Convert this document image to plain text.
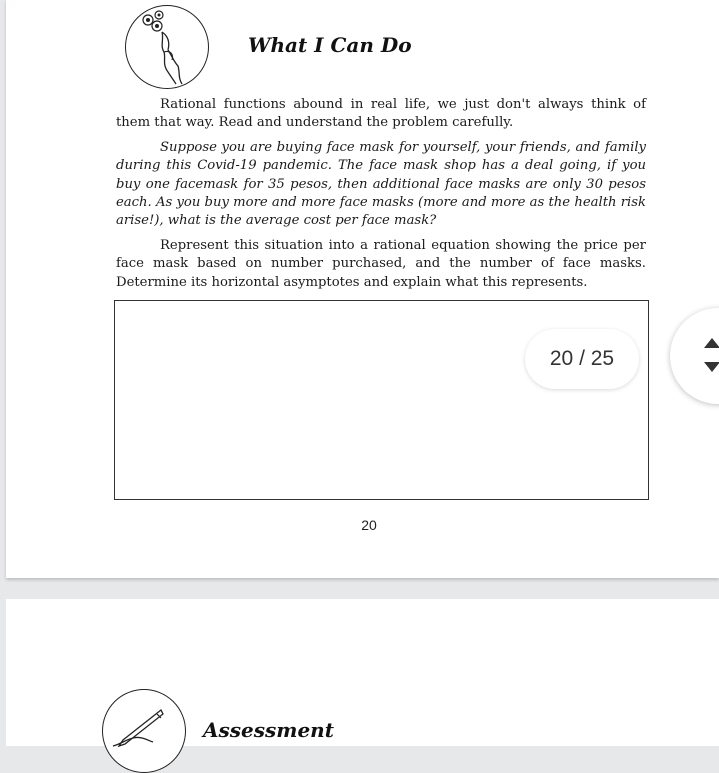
What I Can Do

Rational functions abound in real life, we just don't always think of them that way. Read and understand the problem carefully.

Suppose you are buying face mask for yourself, your friends, and family during this Covid-19 pandemic. The face mask shop has a deal going, if you buy one facemask for 35 pesos, then additional face masks are only 30 pesos each. As you buy more and more face masks (more and more as the health risk arise!), what is the average cost per face mask?

Represent this situation into a rational equation showing the price per face mask based on number purchased, and the number of face masks. Determine its horizontal asymptotes and explain what this represents.

20
20 / 25
Assessment
